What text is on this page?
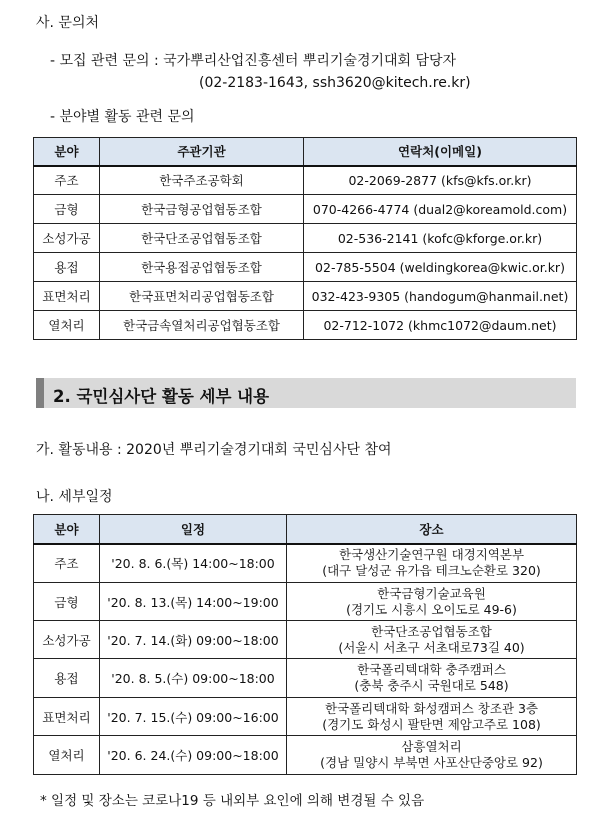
사. 문의처
- 모집 관련 문의 : 국가뿌리산업진흥센터 뿌리기술경기대회 담당자
(02-2183-1643, ssh3620@kitech.re.kr)
- 분야별 활동 관련 문의
분야	주관기관	연락처(이메일)
주조	한국주조공학회	02-2069-2877 (kfs@kfs.or.kr)
금형	한국금형공업협동조합	070-4266-4774 (dual2@koreamold.com)
소성가공	한국단조공업협동조합	02-536-2141 (kofc@kforge.or.kr)
용접	한국용접공업협동조합	02-785-5504 (weldingkorea@kwic.or.kr)
표면처리	한국표면처리공업협동조합	032-423-9305 (handogum@hanmail.net)
열처리	한국금속열처리공업협동조합	02-712-1072 (khmc1072@daum.net)
2. 국민심사단 활동 세부 내용
가. 활동내용 : 2020년 뿌리기술경기대회 국민심사단 참여
나. 세부일정
분야	일정	장소
주조	'20. 8. 6.(목) 14:00~18:00	한국생산기술연구원 대경지역본부
(대구 달성군 유가읍 테크노순환로 320)

금형	'20. 8. 13.(목) 14:00~19:00	한국금형기술교육원
(경기도 시흥시 오이도로 49-6)

소성가공	'20. 7. 14.(화) 09:00~18:00	한국단조공업협동조합
(서울시 서초구 서초대로73길 40)

용접	'20. 8. 5.(수) 09:00~18:00	한국폴리텍대학 충주캠퍼스
(충북 충주시 국원대로 548)

표면처리	'20. 7. 15.(수) 09:00~16:00	한국폴리텍대학 화성캠퍼스 창조관 3층
(경기도 화성시 팔탄면 제암고주로 108)

열처리	'20. 6. 24.(수) 09:00~18:00	삼흥열처리
(경남 밀양시 부북면 사포산단중앙로 92)
* 일정 및 장소는 코로나19 등 내외부 요인에 의해 변경될 수 있음
